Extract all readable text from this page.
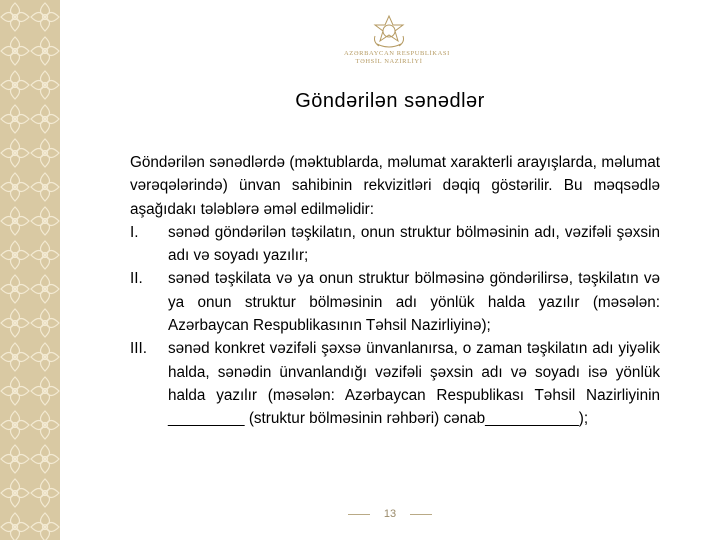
AZƏRBAYCAN RESPUBLİKASI
TƏHSİL NAZİRLİYİ
Göndərilən sənədlər

Göndərilən sənədlərdə (məktublarda, məlumat xarakterli arayışlarda, məlumat vərəqələrində) ünvan sahibinin rekvizitləri dəqiq göstərilir. Bu məqsədlə aşağıdakı tələblərə əməl edilməlidir:

I.	sənəd göndərilən təşkilatın, onun struktur bölməsinin adı, vəzifəli şəxsin adı və soyadı yazılır;
II.	sənəd təşkilata və ya onun struktur bölməsinə göndərilirsə, təşkilatın və ya onun struktur bölməsinin adı yönlük halda yazılır (məsələn: Azərbaycan Respublikasının Təhsil Nazirliyinə);
III.	sənəd konkret vəzifəli şəxsə ünvanlanırsa, o zaman təşkilatın adı yiyəlik halda, sənədin ünvanlandığı vəzifəli şəxsin adı və soyadı isə yönlük halda yazılır (məsələn: Azərbaycan Respublikası Təhsil Nazirliyinin _________ (struktur bölməsinin rəhbəri) cənab___________);
13
